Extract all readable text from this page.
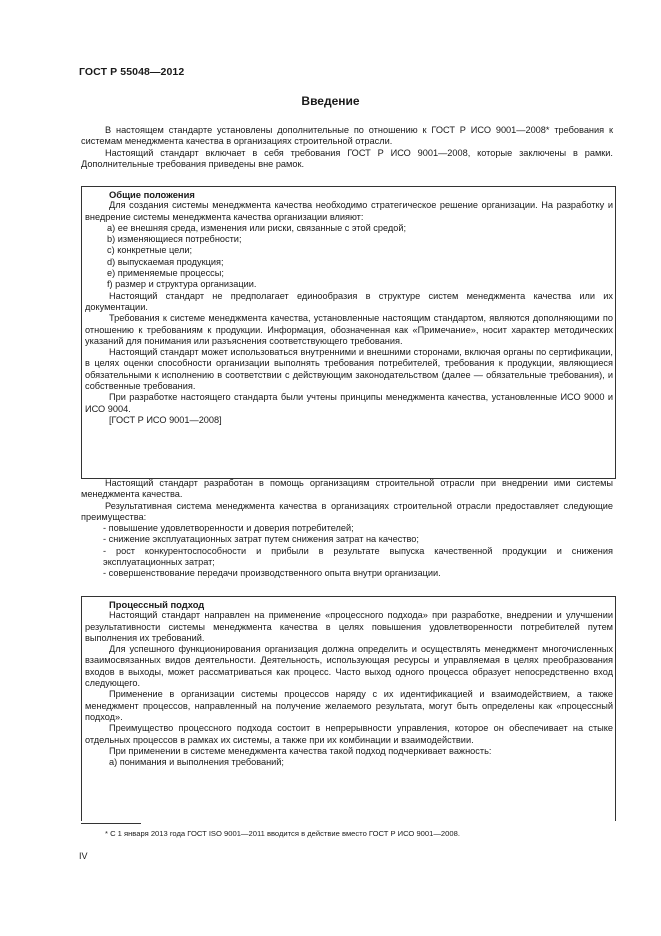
ГОСТ Р 55048—2012
Введение

В настоящем стандарте установлены дополнительные по отношению к ГОСТ Р ИСО 9001—2008* требования к системам менеджмента качества в организациях строительной отрасли.

Настоящий стандарт включает в себя требования ГОСТ Р ИСО 9001—2008, которые заключены в рамки. Дополнительные требования приведены вне рамок.

Общие положения

Для создания системы менеджмента качества необходимо стратегическое решение организации. На разработку и внедрение системы менеджмента качества организации влияют:

a) ее внешняя среда, изменения или риски, связанные с этой средой;

b) изменяющиеся потребности;

c) конкретные цели;

d) выпускаемая продукция;

e) применяемые процессы;

f) размер и структура организации.

Настоящий стандарт не предполагает единообразия в структуре систем менеджмента качества или их документации.

Требования к системе менеджмента качества, установленные настоящим стандартом, являются дополняющими по отношению к требованиям к продукции. Информация, обозначенная как «Примечание», носит характер методических указаний для понимания или разъяснения соответствующего требования.

Настоящий стандарт может использоваться внутренними и внешними сторонами, включая органы по сертификации, в целях оценки способности организации выполнять требования потребителей, требования к продукции, являющиеся обязательными к исполнению в соответствии с действующим законодательством (далее — обязательные требования), и собственные требования.

При разработке настоящего стандарта были учтены принципы менеджмента качества, установленные ИСО 9000 и ИСО 9004.

[ГОСТ Р ИСО 9001—2008]

Настоящий стандарт разработан в помощь организациям строительной отрасли при внедрении ими системы менеджмента качества.

Результативная система менеджмента качества в организациях строительной отрасли предоставляет следующие преимущества:

- повышение удовлетворенности и доверия потребителей;

- снижение эксплуатационных затрат путем снижения затрат на качество;

- рост конкурентоспособности и прибыли в результате выпуска качественной продукции и снижения эксплуатационных затрат;

- совершенствование передачи производственного опыта внутри организации.

Процессный подход

Настоящий стандарт направлен на применение «процессного подхода» при разработке, внедрении и улучшении результативности системы менеджмента качества в целях повышения удовлетворенности потребителей путем выполнения их требований.

Для успешного функционирования организация должна определить и осуществлять менеджмент многочисленных взаимосвязанных видов деятельности. Деятельность, использующая ресурсы и управляемая в целях преобразования входов в выходы, может рассматриваться как процесс. Часто выход одного процесса образует непосредственно вход следующего.

Применение в организации системы процессов наряду с их идентификацией и взаимодействием, а также менеджмент процессов, направленный на получение желаемого результата, могут быть определены как «процессный подход».

Преимущество процессного подхода состоит в непрерывности управления, которое он обеспечивает на стыке отдельных процессов в рамках их системы, а также при их комбинации и взаимодействии.

При применении в системе менеджмента качества такой подход подчеркивает важность:

a) понимания и выполнения требований;

* С 1 января 2013 года ГОСТ ISO 9001—2011 вводится в действие вместо ГОСТ Р ИСО 9001—2008.
IV
